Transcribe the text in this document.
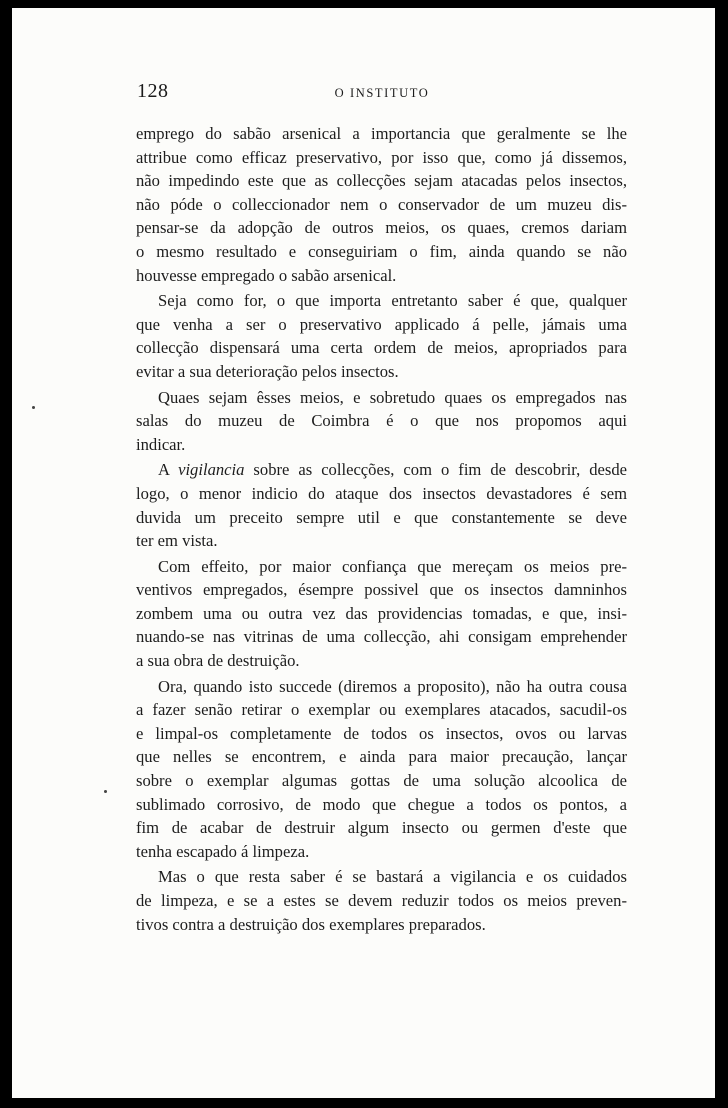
128	O INSTITUTO
emprego do sabão arsenical a importancia que geralmente se lhe
attribue como efficaz preservativo, por isso que, como já dissemos,
não impedindo este que as collecções sejam atacadas pelos insectos,
não póde o colleccionador nem o conservador de um muzeu dis-
pensar-se da adopção de outros meios, os quaes, cremos dariam
o mesmo resultado e conseguiriam o fim, ainda quando se não
houvesse empregado o sabão arsenical.
Seja como for, o que importa entretanto saber é que, qualquer
que venha a ser o preservativo applicado á pelle, jámais uma
collecção dispensará uma certa ordem de meios, apropriados para
evitar a sua deterioração pelos insectos.
Quaes sejam êsses meios, e sobretudo quaes os empregados nas
salas do muzeu de Coimbra é o que nos propomos aqui
indicar.
A vigilancia sobre as collecções, com o fim de descobrir, desde
logo, o menor indicio do ataque dos insectos devastadores é sem
duvida um preceito sempre util e que constantemente se deve
ter em vista.
Com effeito, por maior confiança que mereçam os meios pre-
ventivos empregados, ésempre possivel que os insectos damninhos
zombem uma ou outra vez das providencias tomadas, e que, insi-
nuando-se nas vitrinas de uma collecção, ahi consigam emprehender
a sua obra de destruição.
Ora, quando isto succede (diremos a proposito), não ha outra cousa
a fazer senão retirar o exemplar ou exemplares atacados, sacudil-os
e limpal-os completamente de todos os insectos, ovos ou larvas
que nelles se encontrem, e ainda para maior precaução, lançar
sobre o exemplar algumas gottas de uma solução alcoolica de
sublimado corrosivo, de modo que chegue a todos os pontos, a
fim de acabar de destruir algum insecto ou germen d'este que
tenha escapado á limpeza.
Mas o que resta saber é se bastará a vigilancia e os cuidados
de limpeza, e se a estes se devem reduzir todos os meios preven-
tivos contra a destruição dos exemplares preparados.
